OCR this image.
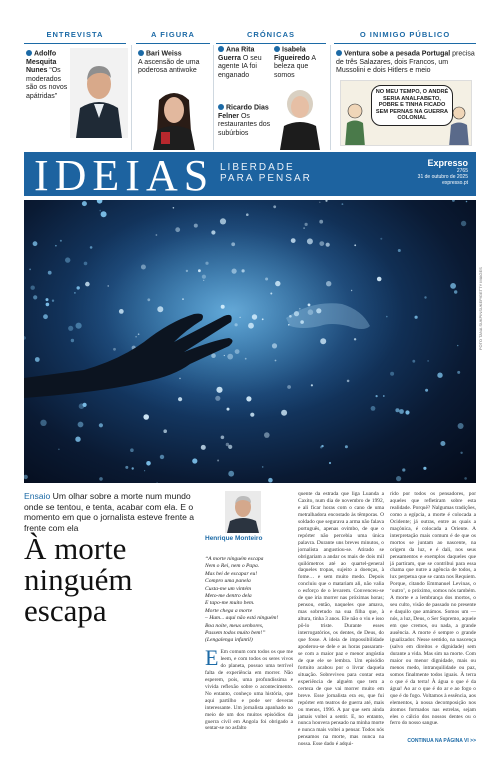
ENTREVISTA	A FIGURA	CRÓNICAS	O INIMIGO PÚBLICO
Adolfo Mesquita Nunes “Os moderados são os novos apátridas”
Bari Weiss
A ascensão de uma poderosa antiwoke
Ana Rita Guerra O seu agente IA foi enganado
Isabela Figueiredo A beleza que somos
Ricardo Dias Felner Os restaurantes dos subúrbios
Ventura sobe a pesada Portugal precisa de três Salazares, dois Francos, um Mussolini e dois Hitlers e meio
NO MEU TEMPO, O ANDRÉ SERIA ANALFABETO, POBRE E TINHA FICADO SEM PERNAS NA GUERRA COLONIAL
IDEIAS LIBERDADE
PARA PENSAR
Expresso
2765
31 de outubro de 2025
expresso.pt
FOTO TANA SUKPINSUKEP/GETTY IMAGES
Ensaio Um olhar sobre a morte num mundo onde se tentou, e tenta, acabar com ela. E o momento em que o jornalista esteve frente a frente com ela
À morte ninguém escapa
Henrique Monteiro
“A morte ninguém escapa
Nem o Rei, nem o Papa.
Mas hei de escapar eu!
Compro uma panela
Custa-me um vintém
Meto-me dentro dela
E tapo-me muito bem.
Morte chega a morte
– Hum... aqui não está ninguém!
Boa noite, meus senhores,
Passem todos muito bem!”
(Lengalenga infantil)
E Em comum com todos os que me leem, e com todos os seres vivos do planeta, possuo uma terrível falta de experiência em morrer. Não esperem, pois, uma profundíssima e vivida reflexão sobre o acontecimento. No entanto, conheço uma história, que aqui partilho e pode ser deveras interessante. Um jornalista apanhado no meio de um dos muitos episódios da guerra civil em Angola foi obrigado a sentar-se no asfalto
quente da estrada que liga Luanda a Caxito, num dia de novembro de 1992, e ali ficar horas com o cano de uma metralhadora encostado às têmporas. O soldado que segurava a arma não falava português, apenas ovimbo, de que o repórter não percebia uma única palavra. Durante uns breves minutos, o jornalista angustiou-se. Atirado se obrigariam a andar os mais de dois mil quilómetros até ao quartel-general daqueles tropas, sujeito a doenças, à fome… e sem muito medo. Depois concluiu que o matariam ali, não valia o esforço de o levarem. Convenceu-se de que iria morrer nas próximas horas; pensou, então, naqueles que amava, mas sobretudo na sua filha que, à altura, tinha 3 anos. Ele não o viu e isso pô-lo triste. Durante esses interrogatórios, os dentes, de Deus, do que fosse. A ideia de impossibilidade apoderou-se dele e as horas passaram-se com a maior paz e menor angústia de que ele se lembra. Um episódio fortuito acabou por o livrar daquela situação. Sobreviveu para contar esta experiência de alguém que tem a certeza de que vai morrer muito em breve. Esse jornalista era eu, que fui repórter em teatros de guerra até, mais ou menos, 1996. A par que sem ainda jamais voltei a sentir. E, no entanto, nunca houvera pensado na minha morte e nunca mais voltei a pensar. Todos nós pensamos na morte, mas nunca na nossa. Esse dado é adqui-
rido por todos os pensadores, por aqueles que refletiram sobre esta realidade. Porquê? Nalgumas tradições, como a egípcia, a morte é colocada a Ocidente; já outras, entre as quais a maçónica, é colocada a Oriente. A interpretação mais comum é de que os mortos se juntam ao nascente, na origem da luz, e é dali, nos seus pensamentos e exemplos daqueles que já partiram, que se contribui para essa chama que nutre a agência de todos, a lux perpetua que se canta nos Requiem. Porque, citando Emmanuel Levinas, o ‘outro’, o próximo, somos nós também. A morte e a lembrança dos mortos, o seu culto, visão de passado no presente e daquilo que amámos. Somos um — nós, a luz, Deus, o Ser Supremo, aquele em que cremos, ou nada, a grande ausência. A morte é sempre o grande igualizador. Nesse sentido, na nascença (salvo em direitos e dignidade) sem durante a vida. Mas sim na morte. Com maior ou menor dignidade, mais ou menos medo, intranquilidade ou paz, somos finalmente todos iguais. À terra o que é da terra! À água o que é da água! Ao ar o que é do ar e ao fogo o que é do fogo. Voltamos à essência, aos elementos, à nossa decomposição nos átomos formados nas estrelas, sejam eles o cálcio dos nossos dentes ou o ferro do nosso sangue.
CONTINUA NA PÁGINA VI >>
